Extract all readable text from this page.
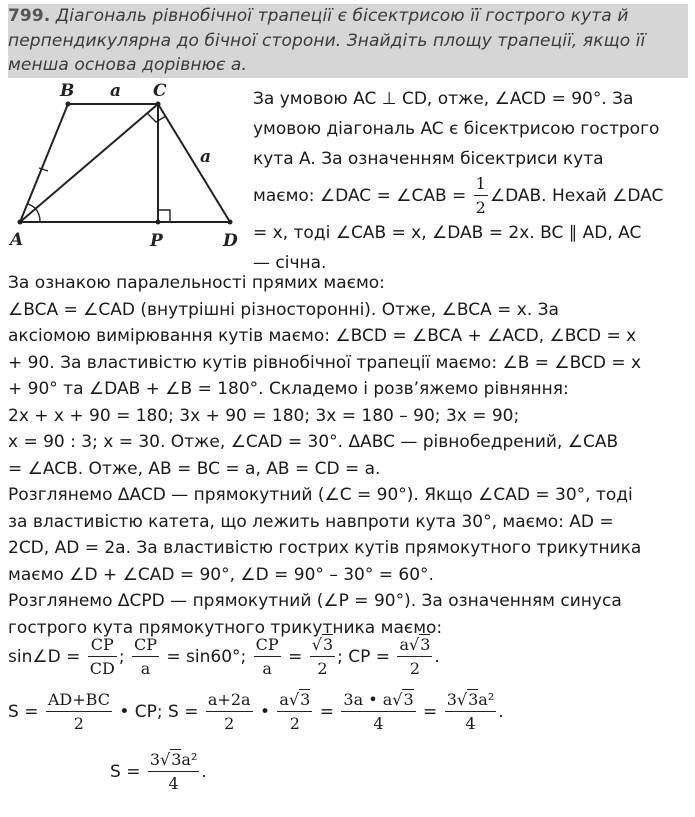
799. Діагональ рівнобічної трапеції є бісектрисою її гострого кута й
перпендикулярна до бічної сторони. Знайдіть площу трапеції, якщо її
менша основа дорівнює a.
B a C
a
A	P	D
За умовою AC ⊥ CD, отже, ∠ACD = 90°. За
умовою діагональ AC є бісектрисою гострого
кута A. За означенням бісектриси кута
маємо: ∠DAC = ∠CAB = $\frac{1}{2}$ ∠DAB. Нехай ∠DAC
= x, тоді ∠CAB = x, ∠DAB = 2x. BC ∥ AD, AC
— січна.
За ознакою паралельності прямих маємо:
∠BCA = ∠CAD (внутрішні різносторонні). Отже, ∠BCA = x. За
аксіомою вимірювання кутів маємо: ∠BCD = ∠BCA + ∠ACD, ∠BCD = x
+ 90. За властивістю кутів рівнобічної трапеції маємо: ∠B = ∠BCD = x
+ 90° та ∠DAB + ∠B = 180°. Складемо і розв’яжемо рівняння:
2x + x + 90 = 180; 3x + 90 = 180; 3x = 180 – 90; 3x = 90;
x = 90 : 3; x = 30. Отже, ∠CAD = 30°. ΔABC — рівнобедрений, ∠CAB
= ∠ACB. Отже, AB = BC = a, AB = CD = a.
Розглянемо ΔACD — прямокутний (∠C = 90°). Якщо ∠CAD = 30°, тоді
за властивістю катета, що лежить навпроти кута 30°, маємо: AD =
2CD, AD = 2a. За властивістю гострих кутів прямокутного трикутника
маємо ∠D + ∠CAD = 90°, ∠D = 90° – 30° = 60°.
Розглянемо ΔCPD — прямокутний (∠P = 90°). За означенням синуса
гострого кута прямокутного трикутника маємо:
sin∠D = $\frac{CP}{CD}$ ; $\frac{CP}{a} = \sin 60^\circ$; $\frac{CP}{a} = \frac{√3}{2}$ ; CP = $\frac{a√3}{2}$ .
$S = \frac{AD+BC}{2}$ • CP; $S = \frac{a+2a}{2}$ • $\frac{a√3}{2} = \frac{3a • a√3}{4} = \frac{\text{3√3a²}}{4}$ .
$S = \frac{\text{3√3a²}}{4}$ .
